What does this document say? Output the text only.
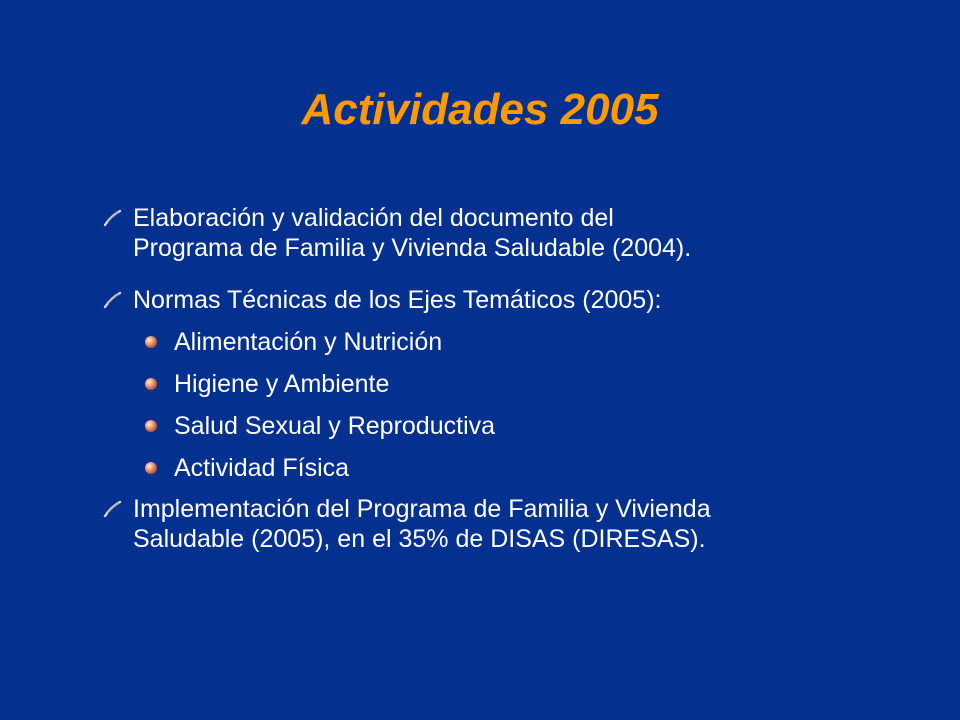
Actividades 2005
Elaboración y validación del documento del
Programa de Familia y Vivienda Saludable (2004).
Normas Técnicas de los Ejes Temáticos (2005):
Alimentación y Nutrición
Higiene y Ambiente
Salud Sexual y Reproductiva
Actividad Física
Implementación del Programa de Familia y Vivienda
Saludable (2005), en el 35% de DISAS (DIRESAS).
